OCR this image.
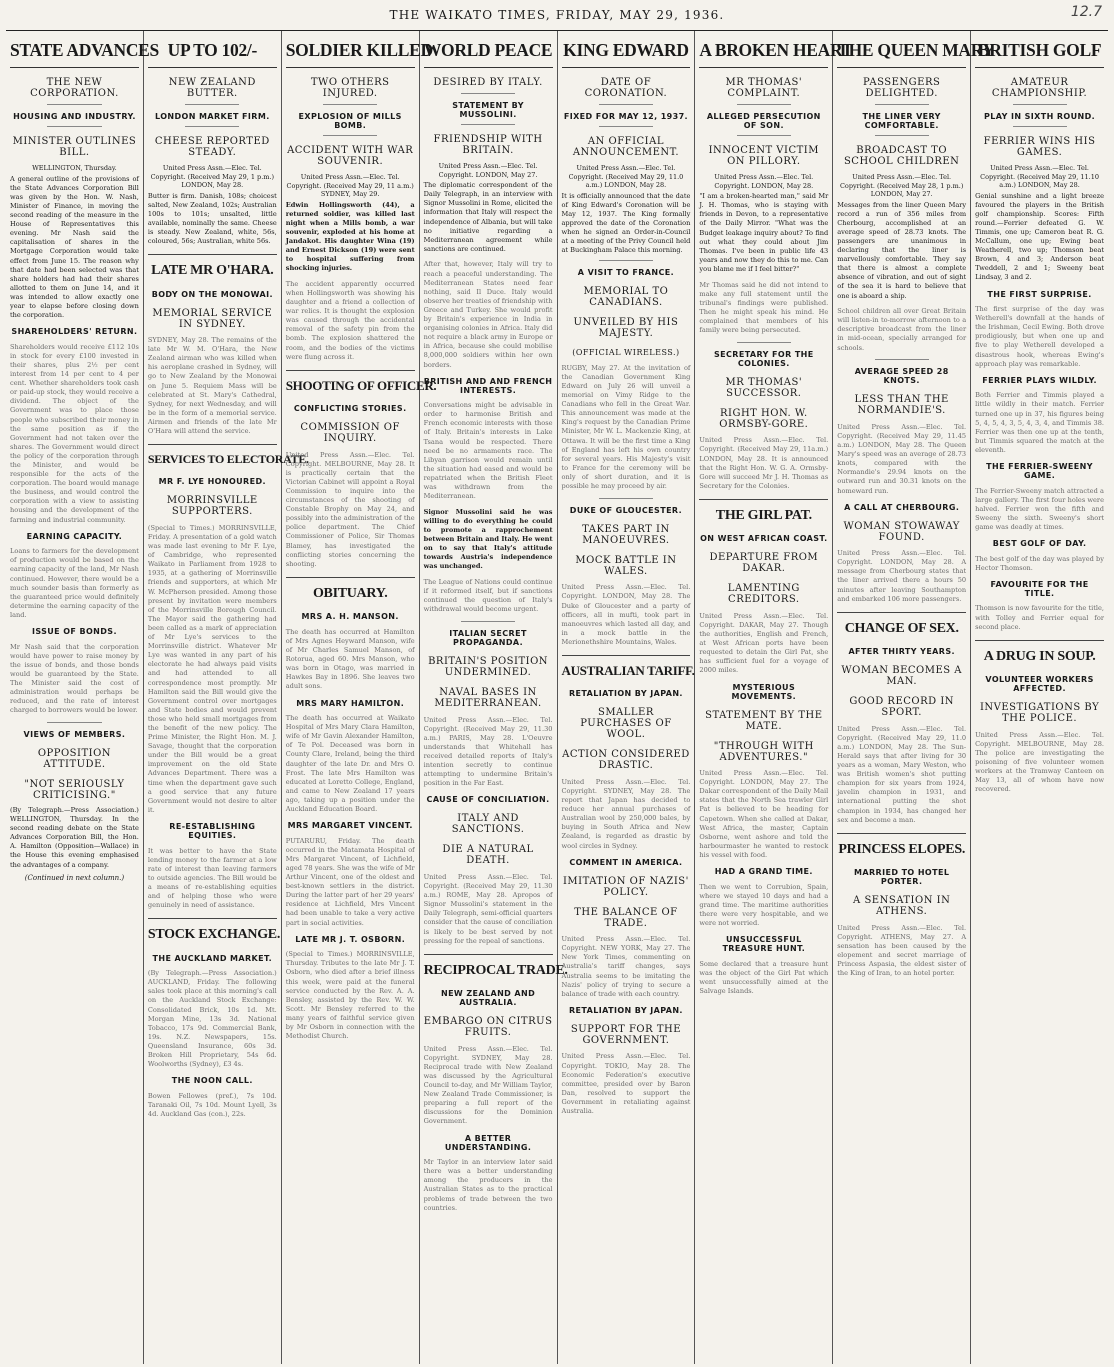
THE WAIKATO TIMES, FRIDAY, MAY 29, 1936.	12.7
STATE ADVANCES
THE NEW CORPORATION.
HOUSING AND INDUSTRY.
MINISTER OUTLINES BILL.
WELLINGTON, Thursday.

A general outline of the provisions of the State Advances Corporation Bill was given by the Hon. W. Nash, Minister of Finance, in moving the second reading of the measure in the House of Representatives this evening. Mr Nash said the capitalisation of shares in the Mortgage Corporation would take effect from June 15. The reason why that date had been selected was that share holders had had their shares allotted to them on June 14, and it was intended to allow exactly one year to elapse before closing down the corporation.

SHAREHOLDERS' RETURN.

Shareholders would receive £112 10s in stock for every £100 invested in their shares, plus 2½ per cent interest from 14 per cent to 4 per cent. Whether shareholders took cash or paid-up stock, they would receive a dividend. The object of the Government was to place those people who subscribed their money in the same position as if the Government had not taken over the shares. The Government would direct the policy of the corporation through the Minister, and would be responsible for the acts of the corporation. The board would manage the business, and would control the corporation with a view to assisting housing and the development of the farming and industrial community.

EARNING CAPACITY.

Loans to farmers for the development of production would be based on the earning capacity of the land, Mr Nash continued. However, there would be a much sounder basis than formerly as the guaranteed price would definitely determine the earning capacity of the land.

ISSUE OF BONDS.

Mr Nash said that the corporation would have power to raise money by the issue of bonds, and those bonds would be guaranteed by the State. The Minister said the cost of administration would perhaps be reduced, and the rate of interest charged to borrowers would be lower.

VIEWS OF MEMBERS.
OPPOSITION ATTITUDE.
"NOT SERIOUSLY CRITICISING."

(By Telegraph.—Press Association.) WELLINGTON, Thursday. In the second reading debate on the State Advances Corporation Bill, the Hon. A. Hamilton (Opposition—Wallace) in the House this evening emphasised the advantages of a company.

(Continued in next column.)
UP TO 102/-
NEW ZEALAND BUTTER.
LONDON MARKET FIRM.
CHEESE REPORTED STEADY.
United Press Assn.—Elec. Tel. Copyright. (Received May 29, 1 p.m.) LONDON, May 28.

Butter is firm. Danish, 108s; choicest salted, New Zealand, 102s; Australian 100s to 101s; unsalted, little available, nominally the same. Cheese is steady. New Zealand, white, 56s, coloured, 56s; Australian, white 56s.

LATE MR O'HARA.
BODY ON THE MONOWAI.
MEMORIAL SERVICE IN SYDNEY.

SYDNEY, May 28. The remains of the late Mr W. M. O'Hara, the New Zealand airman who was killed when his aeroplane crashed in Sydney, will go to New Zealand by the Monowai on June 5. Requiem Mass will be celebrated at St. Mary's Cathedral, Sydney, for next Wednesday, and will be in the form of a memorial service. Airmen and friends of the late Mr O'Hara will attend the service.

SERVICES TO ELECTORATE.
MR F. LYE HONOURED.
MORRINSVILLE SUPPORTERS.

(Special to Times.) MORRINSVILLE, Friday. A presentation of a gold watch was made last evening to Mr F. Lye, of Cambridge, who represented Waikato in Parliament from 1928 to 1935, at a gathering of Morrinsville friends and supporters, at which Mr W. McPherson presided. Among those present by invitation were members of the Morrinsville Borough Council. The Mayor said the gathering had been called as a mark of appreciation of Mr Lye's services to the Morrinsville district. Whatever Mr Lye was wanted in any part of his electorate he had always paid visits and had attended to all correspondence most promptly. Mr Hamilton said the Bill would give the Government control over mortgages and State bodies and would prevent those who held small mortgages from the benefit of the new policy. The Prime Minister, the Right Hon. M. J. Savage, thought that the corporation under the Bill would be a great improvement on the old State Advances Department. There was a time when the department gave such a good service that any future Government would not desire to alter it.

RE-ESTABLISHING EQUITIES.

It was better to have the State lending money to the farmer at a low rate of interest than leaving farmers to outside agencies. The Bill would be a means of re-establishing equities and of helping those who were genuinely in need of assistance.

STOCK EXCHANGE.
THE AUCKLAND MARKET.

(By Telegraph.—Press Association.) AUCKLAND, Friday. The following sales took place at this morning's call on the Auckland Stock Exchange: Consolidated Brick, 10s 1d. Mt. Morgan Mine, 13s 3d. National Tobacco, 17s 9d. Commercial Bank, 19s. N.Z. Newspapers, 15s. Queensland Insurance, 60s 3d. Broken Hill Proprietary, 54s 6d. Woolworths (Sydney), £3 4s.

THE NOON CALL.

Bowen Fellowes (pref.), 7s 10d. Taranaki Oil, 7s 10d. Mount Lyell, 3s 4d. Auckland Gas (con.), 22s.

SOLDIER KILLED
TWO OTHERS INJURED.
EXPLOSION OF MILLS BOMB.
ACCIDENT WITH WAR SOUVENIR.
United Press Assn.—Elec. Tel. Copyright. (Received May 29, 11 a.m.) SYDNEY, May 29.

Edwin Hollingsworth (44), a returned soldier, was killed last night when a Mills bomb, a war souvenir, exploded at his home at Jandakot. His daughter Wina (19) and Ernest Dickson (19) were sent to hospital suffering from shocking injuries.

The accident apparently occurred when Hollingsworth was showing his daughter and a friend a collection of war relics. It is thought the explosion was caused through the accidental removal of the safety pin from the bomb. The explosion shattered the room, and the bodies of the victims were flung across it.

SHOOTING OF OFFICER.
CONFLICTING STORIES.
COMMISSION OF INQUIRY.

United Press Assn.—Elec. Tel. Copyright. MELBOURNE, May 28. It is practically certain that the Victorian Cabinet will appoint a Royal Commission to inquire into the circumstances of the shooting of Constable Brophy on May 24, and possibly into the administration of the police department. The Chief Commissioner of Police, Sir Thomas Blamey, has investigated the conflicting stories concerning the shooting.

OBITUARY.
MRS A. H. MANSON.

The death has occurred at Hamilton of Mrs Agnes Heyward Manson, wife of Mr Charles Samuel Manson, of Rotorua, aged 60. Mrs Manson, who was born in Otago, was married in Hawkes Bay in 1896. She leaves two adult sons.

MRS MARY HAMILTON.

The death has occurred at Waikato Hospital of Mrs Mary Clara Hamilton, wife of Mr Gavin Alexander Hamilton, of Te Pol. Deceased was born in County Clare, Ireland, being the third daughter of the late Dr. and Mrs O. Frost. The late Mrs Hamilton was educated at Loretto College, England, and came to New Zealand 17 years ago, taking up a position under the Auckland Education Board.

MRS MARGARET VINCENT.

PUTARURU, Friday. The death occurred in the Matamata Hospital of Mrs Margaret Vincent, of Lichfield, aged 78 years. She was the wife of Mr Arthur Vincent, one of the oldest and best-known settlers in the district. During the latter part of her 29 years' residence at Lichfield, Mrs Vincent had been unable to take a very active part in social activities.

LATE MR J. T. OSBORN.

(Special to Times.) MORRINSVILLE, Thursday. Tributes to the late Mr J. T. Osborn, who died after a brief illness this week, were paid at the funeral service conducted by the Rev. A. A. Bensley, assisted by the Rev. W. W. Scott. Mr Bensley referred to the many years of faithful service given by Mr Osborn in connection with the Methodist Church.

WORLD PEACE
DESIRED BY ITALY.
STATEMENT BY MUSSOLINI.
FRIENDSHIP WITH BRITAIN.
United Press Assn.—Elec. Tel. Copyright. LONDON, May 27.

The diplomatic correspondent of the Daily Telegraph, in an interview with Signor Mussolini in Rome, elicited the information that Italy will respect the independence of Albania, but will take no initiative regarding a Mediterranean agreement while sanctions are continued.

After that, however, Italy will try to reach a peaceful understanding. The Mediterranean States need fear nothing, said Il Duce. Italy would observe her treaties of friendship with Greece and Turkey. She would profit by Britain's experience in India in organising colonies in Africa. Italy did not require a black army in Europe or in Africa, because she could mobilise 8,000,000 soldiers within her own borders.

BRITISH AND AND FRENCH INTERESTS.

Conversations might be advisable in order to harmonise British and French economic interests with those of Italy. Britain's interests in Lake Tsana would be respected. There need be no armaments race. The Libyan garrison would remain until the situation had eased and would be repatriated when the British Fleet was withdrawn from the Mediterranean.

Signor Mussolini said he was willing to do everything he could to promote a rapprochement between Britain and Italy. He went on to say that Italy's attitude towards Austria's independence was unchanged.

The League of Nations could continue if it reformed itself, but if sanctions continued the question of Italy's withdrawal would become urgent.

ITALIAN SECRET PROPAGANDA.
BRITAIN'S POSITION UNDERMINED.
NAVAL BASES IN MEDITERRANEAN.

United Press Assn.—Elec. Tel. Copyright. (Received May 29, 11.30 a.m.) PARIS, May 28. L'Oeuvre understands that Whitehall has received detailed reports of Italy's intention secretly to continue attempting to undermine Britain's position in the Far East.

CAUSE OF CONCILIATION.
ITALY AND SANCTIONS.
DIE A NATURAL DEATH.

United Press Assn.—Elec. Tel. Copyright. (Received May 29, 11.30 a.m.) ROME, May 28. Apropos of Signor Mussolini's statement in the Daily Telegraph, semi-official quarters consider that the cause of conciliation is likely to be best served by not pressing for the repeal of sanctions.

RECIPROCAL TRADE.
NEW ZEALAND AND AUSTRALIA.
EMBARGO ON CITRUS FRUITS.

United Press Assn.—Elec. Tel. Copyright. SYDNEY, May 28. Reciprocal trade with New Zealand was discussed by the Agricultural Council to-day, and Mr William Taylor, New Zealand Trade Commissioner, is preparing a full report of the discussions for the Dominion Government.

A BETTER UNDERSTANDING.

Mr Taylor in an interview later said there was a better understanding among the producers in the Australian States as to the practical problems of trade between the two countries.

KING EDWARD
DATE OF CORONATION.
FIXED FOR MAY 12, 1937.
AN OFFICIAL ANNOUNCEMENT.
United Press Assn.—Elec. Tel. Copyright. (Received May 29, 11.0 a.m.) LONDON, May 28.

It is officially announced that the date of King Edward's Coronation will be May 12, 1937. The King formally approved the date of the Coronation when he signed an Order-in-Council at a meeting of the Privy Council held at Buckingham Palace this morning.

A VISIT TO FRANCE.
MEMORIAL TO CANADIANS.
UNVEILED BY HIS MAJESTY.
(OFFICIAL WIRELESS.)

RUGBY, May 27. At the invitation of the Canadian Government King Edward on July 26 will unveil a memorial on Vimy Ridge to the Canadians who fell in the Great War. This announcement was made at the King's request by the Canadian Prime Minister, Mr W. L. Mackenzie King, at Ottawa. It will be the first time a King of England has left his own country for several years. His Majesty's visit to France for the ceremony will be only of short duration, and it is possible he may proceed by air.

DUKE OF GLOUCESTER.
TAKES PART IN MANOEUVRES.
MOCK BATTLE IN WALES.

United Press Assn.—Elec. Tel. Copyright. LONDON, May 28. The Duke of Gloucester and a party of officers, all in mufti, took part in manoeuvres which lasted all day, and in a mock battle in the Merionethshire Mountains, Wales.

AUSTRALIAN TARIFF.
RETALIATION BY JAPAN.
SMALLER PURCHASES OF WOOL.
ACTION CONSIDERED DRASTIC.

United Press Assn.—Elec. Tel. Copyright. SYDNEY, May 28. The report that Japan has decided to reduce her annual purchases of Australian wool by 250,000 bales, by buying in South Africa and New Zealand, is regarded as drastic by wool circles in Sydney.

COMMENT IN AMERICA.
IMITATION OF NAZIS' POLICY.
THE BALANCE OF TRADE.

United Press Assn.—Elec. Tel. Copyright. NEW YORK, May 27. The New York Times, commenting on Australia's tariff changes, says Australia seems to be imitating the Nazis' policy of trying to secure a balance of trade with each country.

RETALIATION BY JAPAN.
SUPPORT FOR THE GOVERNMENT.

United Press Assn.—Elec. Tel. Copyright. TOKIO, May 28. The Economic Federation's executive committee, presided over by Baron Dan, resolved to support the Government in retaliating against Australia.

A BROKEN HEART
MR THOMAS' COMPLAINT.
ALLEGED PERSECUTION OF SON.
INNOCENT VICTIM ON PILLORY.
United Press Assn.—Elec. Tel. Copyright. LONDON, May 28.

"I am a broken-hearted man," said Mr J. H. Thomas, who is staying with friends in Devon, to a representative of the Daily Mirror. "What was the Budget leakage inquiry about? To find out what they could about Jim Thomas. I've been in public life 43 years and now they do this to me. Can you blame me if I feel bitter?"

Mr Thomas said he did not intend to make any full statement until the tribunal's findings were published. Then he might speak his mind. He complained that members of his family were being persecuted.

SECRETARY FOR THE COLONIES.
MR THOMAS' SUCCESSOR.
RIGHT HON. W. ORMSBY-GORE.

United Press Assn.—Elec. Tel. Copyright. (Received May 29, 11a.m.) LONDON, May 28. It is announced that the Right Hon. W. G. A. Ormsby-Gore will succeed Mr J. H. Thomas as Secretary for the Colonies.

THE GIRL PAT.
ON WEST AFRICAN COAST.
DEPARTURE FROM DAKAR.
LAMENTING CREDITORS.

United Press Assn.—Elec. Tel. Copyright. DAKAR, May 27. Though the authorities, English and French, at West African ports have been requested to detain the Girl Pat, she has sufficient fuel for a voyage of 2000 miles.

MYSTERIOUS MOVEMENTS.
STATEMENT BY THE MATE.
"THROUGH WITH ADVENTURES."

United Press Assn.—Elec. Tel. Copyright. LONDON, May 27. The Dakar correspondent of the Daily Mail states that the North Sea trawler Girl Pat is believed to be heading for Capetown. When she called at Dakar, West Africa, the master, Captain Osborne, went ashore and told the harbourmaster he wanted to restock his vessel with food.

HAD A GRAND TIME.

Then we went to Corrubion, Spain, where we stayed 10 days and had a grand time. The maritime authorities there were very hospitable, and we were not worried.

UNSUCCESSFUL TREASURE HUNT.

Some declared that a treasure hunt was the object of the Girl Pat which went unsuccessfully aimed at the Salvage Islands.

THE QUEEN MARY
PASSENGERS DELIGHTED.
THE LINER VERY COMFORTABLE.
BROADCAST TO SCHOOL CHILDREN
United Press Assn.—Elec. Tel. Copyright. (Received May 28, 1 p.m.) LONDON, May 27.

Messages from the liner Queen Mary record a run of 356 miles from Cherbourg, accomplished at an average speed of 28.73 knots. The passengers are unanimous in declaring that the liner is marvellously comfortable. They say that there is almost a complete absence of vibration, and out of sight of the sea it is hard to believe that one is aboard a ship.

School children all over Great Britain will listen-in to-morrow afternoon to a descriptive broadcast from the liner in mid-ocean, specially arranged for schools.

AVERAGE SPEED 28 KNOTS.
LESS THAN THE NORMANDIE'S.

United Press Assn.—Elec. Tel. Copyright. (Received May 29, 11.45 a.m.) LONDON, May 28. The Queen Mary's speed was an average of 28.73 knots, compared with the Normandie's 29.94 knots on the outward run and 30.31 knots on the homeward run.

A CALL AT CHERBOURG.
WOMAN STOWAWAY FOUND.

United Press Assn.—Elec. Tel. Copyright. LONDON, May 28. A message from Cherbourg states that the liner arrived there a hours 50 minutes after leaving Southampton and embarked 106 more passengers.

CHANGE OF SEX.
AFTER THIRTY YEARS.
WOMAN BECOMES A MAN.
GOOD RECORD IN SPORT.

United Press Assn.—Elec. Tel. Copyright. (Received May 29, 11.0 a.m.) LONDON, May 28. The Sun-Herald says that after living for 30 years as a woman, Mary Weston, who was British women's shot putting champion for six years from 1924, javelin champion in 1931, and international putting the shot champion in 1934, has changed her sex and become a man.

PRINCESS ELOPES.
MARRIED TO HOTEL PORTER.
A SENSATION IN ATHENS.

United Press Assn.—Elec. Tel. Copyright. ATHENS, May 27. A sensation has been caused by the elopement and secret marriage of Princess Aspasia, the eldest sister of the King of Iran, to an hotel porter.

BRITISH GOLF
AMATEUR CHAMPIONSHIP.
PLAY IN SIXTH ROUND.
FERRIER WINS HIS GAMES.
United Press Assn.—Elec. Tel. Copyright. (Received May 29, 11.10 a.m.) LONDON, May 28.

Genial sunshine and a light breeze favoured the players in the British golf championship. Scores: Fifth round.—Ferrier defeated G. W. Timmis, one up; Cameron beat R. G. McCallum, one up; Ewing beat Weatherell, two up; Thomson beat Brown, 4 and 3; Anderson beat Tweddell, 2 and 1; Sweeny beat Lindsay, 3 and 2.

THE FIRST SURPRISE.

The first surprise of the day was Wetherell's downfall at the hands of the Irishman, Cecil Ewing. Both drove prodigiously, but when one up and five to play Wetherell developed a disastrous hook, whereas Ewing's approach play was remarkable.

FERRIER PLAYS WILDLY.

Both Ferrier and Timmis played a little wildly in their match. Ferrier turned one up in 37, his figures being 5, 4, 5, 4, 3, 5, 4, 3, 4, and Timmis 38. Ferrier was then one up at the tenth, but Timmis squared the match at the eleventh.

THE FERRIER-SWEENY GAME.

The Ferrier-Sweeny match attracted a large gallery. The first four holes were halved. Ferrier won the fifth and Sweeny the sixth. Sweeny's short game was deadly at times.

BEST GOLF OF DAY.

The best golf of the day was played by Hector Thomson.

FAVOURITE FOR THE TITLE.

Thomson is now favourite for the title, with Tolley and Ferrier equal for second place.

A DRUG IN SOUP.
VOLUNTEER WORKERS AFFECTED.
INVESTIGATIONS BY THE POLICE.

United Press Assn.—Elec. Tel. Copyright. MELBOURNE, May 28. The police are investigating the poisoning of five volunteer women workers at the Tramway Canteen on May 13, all of whom have now recovered.
